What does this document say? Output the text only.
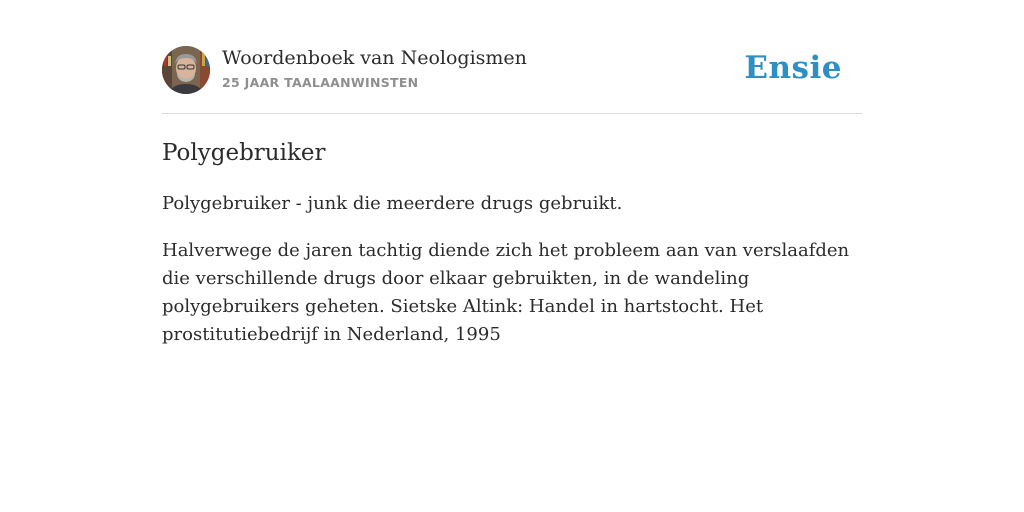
Woordenboek van Neologismen
25 JAAR TAALAANWINSTEN	Ensie
Polygebruiker

Polygebruiker - junk die meerdere drugs gebruikt.

Halverwege de jaren tachtig diende zich het probleem aan van verslaafden die verschillende drugs door elkaar gebruikten, in de wandeling polygebruikers geheten. Sietske Altink: Handel in hartstocht. Het prostitutiebedrijf in Nederland, 1995
